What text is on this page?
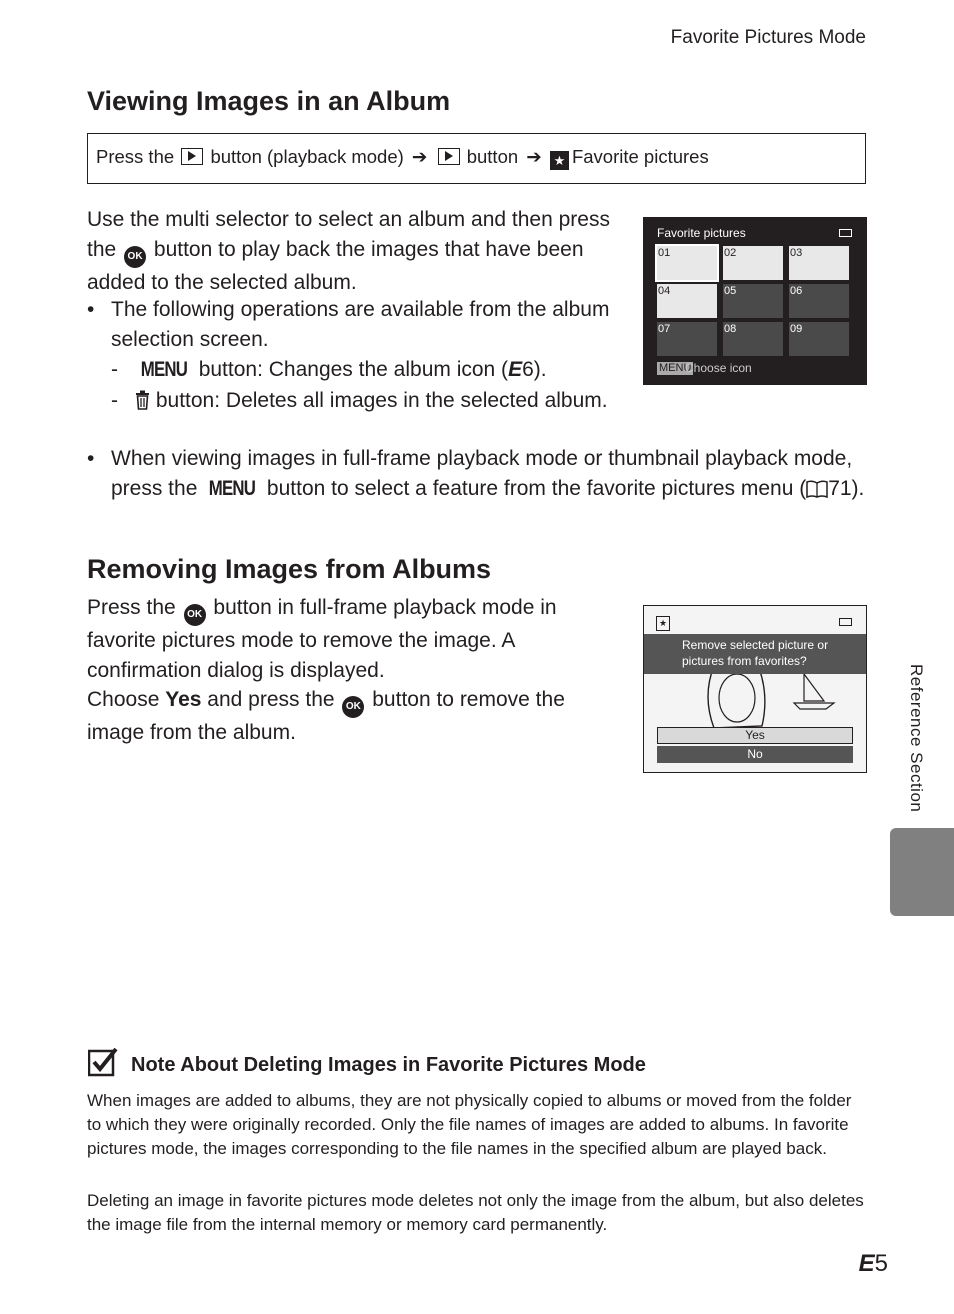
Favorite Pictures Mode
Viewing Images in an Album
Press the button (playback mode) ➔ button ➔ ★ Favorite pictures
Use the multi selector to select an album and then press the OK button to play back the images that have been added to the selected album.
• The following operations are available from the album selection screen.
- MENU button: Changes the album icon (E6).
- button: Deletes all images in the selected album.
• When viewing images in full-frame playback mode or thumbnail playback mode, press the MENU button to select a feature from the favorite pictures menu ( 71).
Favorite pictures
01	02	03
04	05	06
07	08	09
MENU
Choose icon
Removing Images from Albums
Press the OK button in full-frame playback mode in favorite pictures mode to remove the image. A confirmation dialog is displayed.
Choose Yes and press the OK button to remove the image from the album.
★
Remove selected picture or pictures from favorites?
Yes
No	Reference Section
Note About Deleting Images in Favorite Pictures Mode
When images are added to albums, they are not physically copied to albums or moved from the folder to which they were originally recorded. Only the file names of images are added to albums. In favorite pictures mode, the images corresponding to the file names in the specified album are played back.
Deleting an image in favorite pictures mode deletes not only the image from the album, but also deletes the image file from the internal memory or memory card permanently.
E5
